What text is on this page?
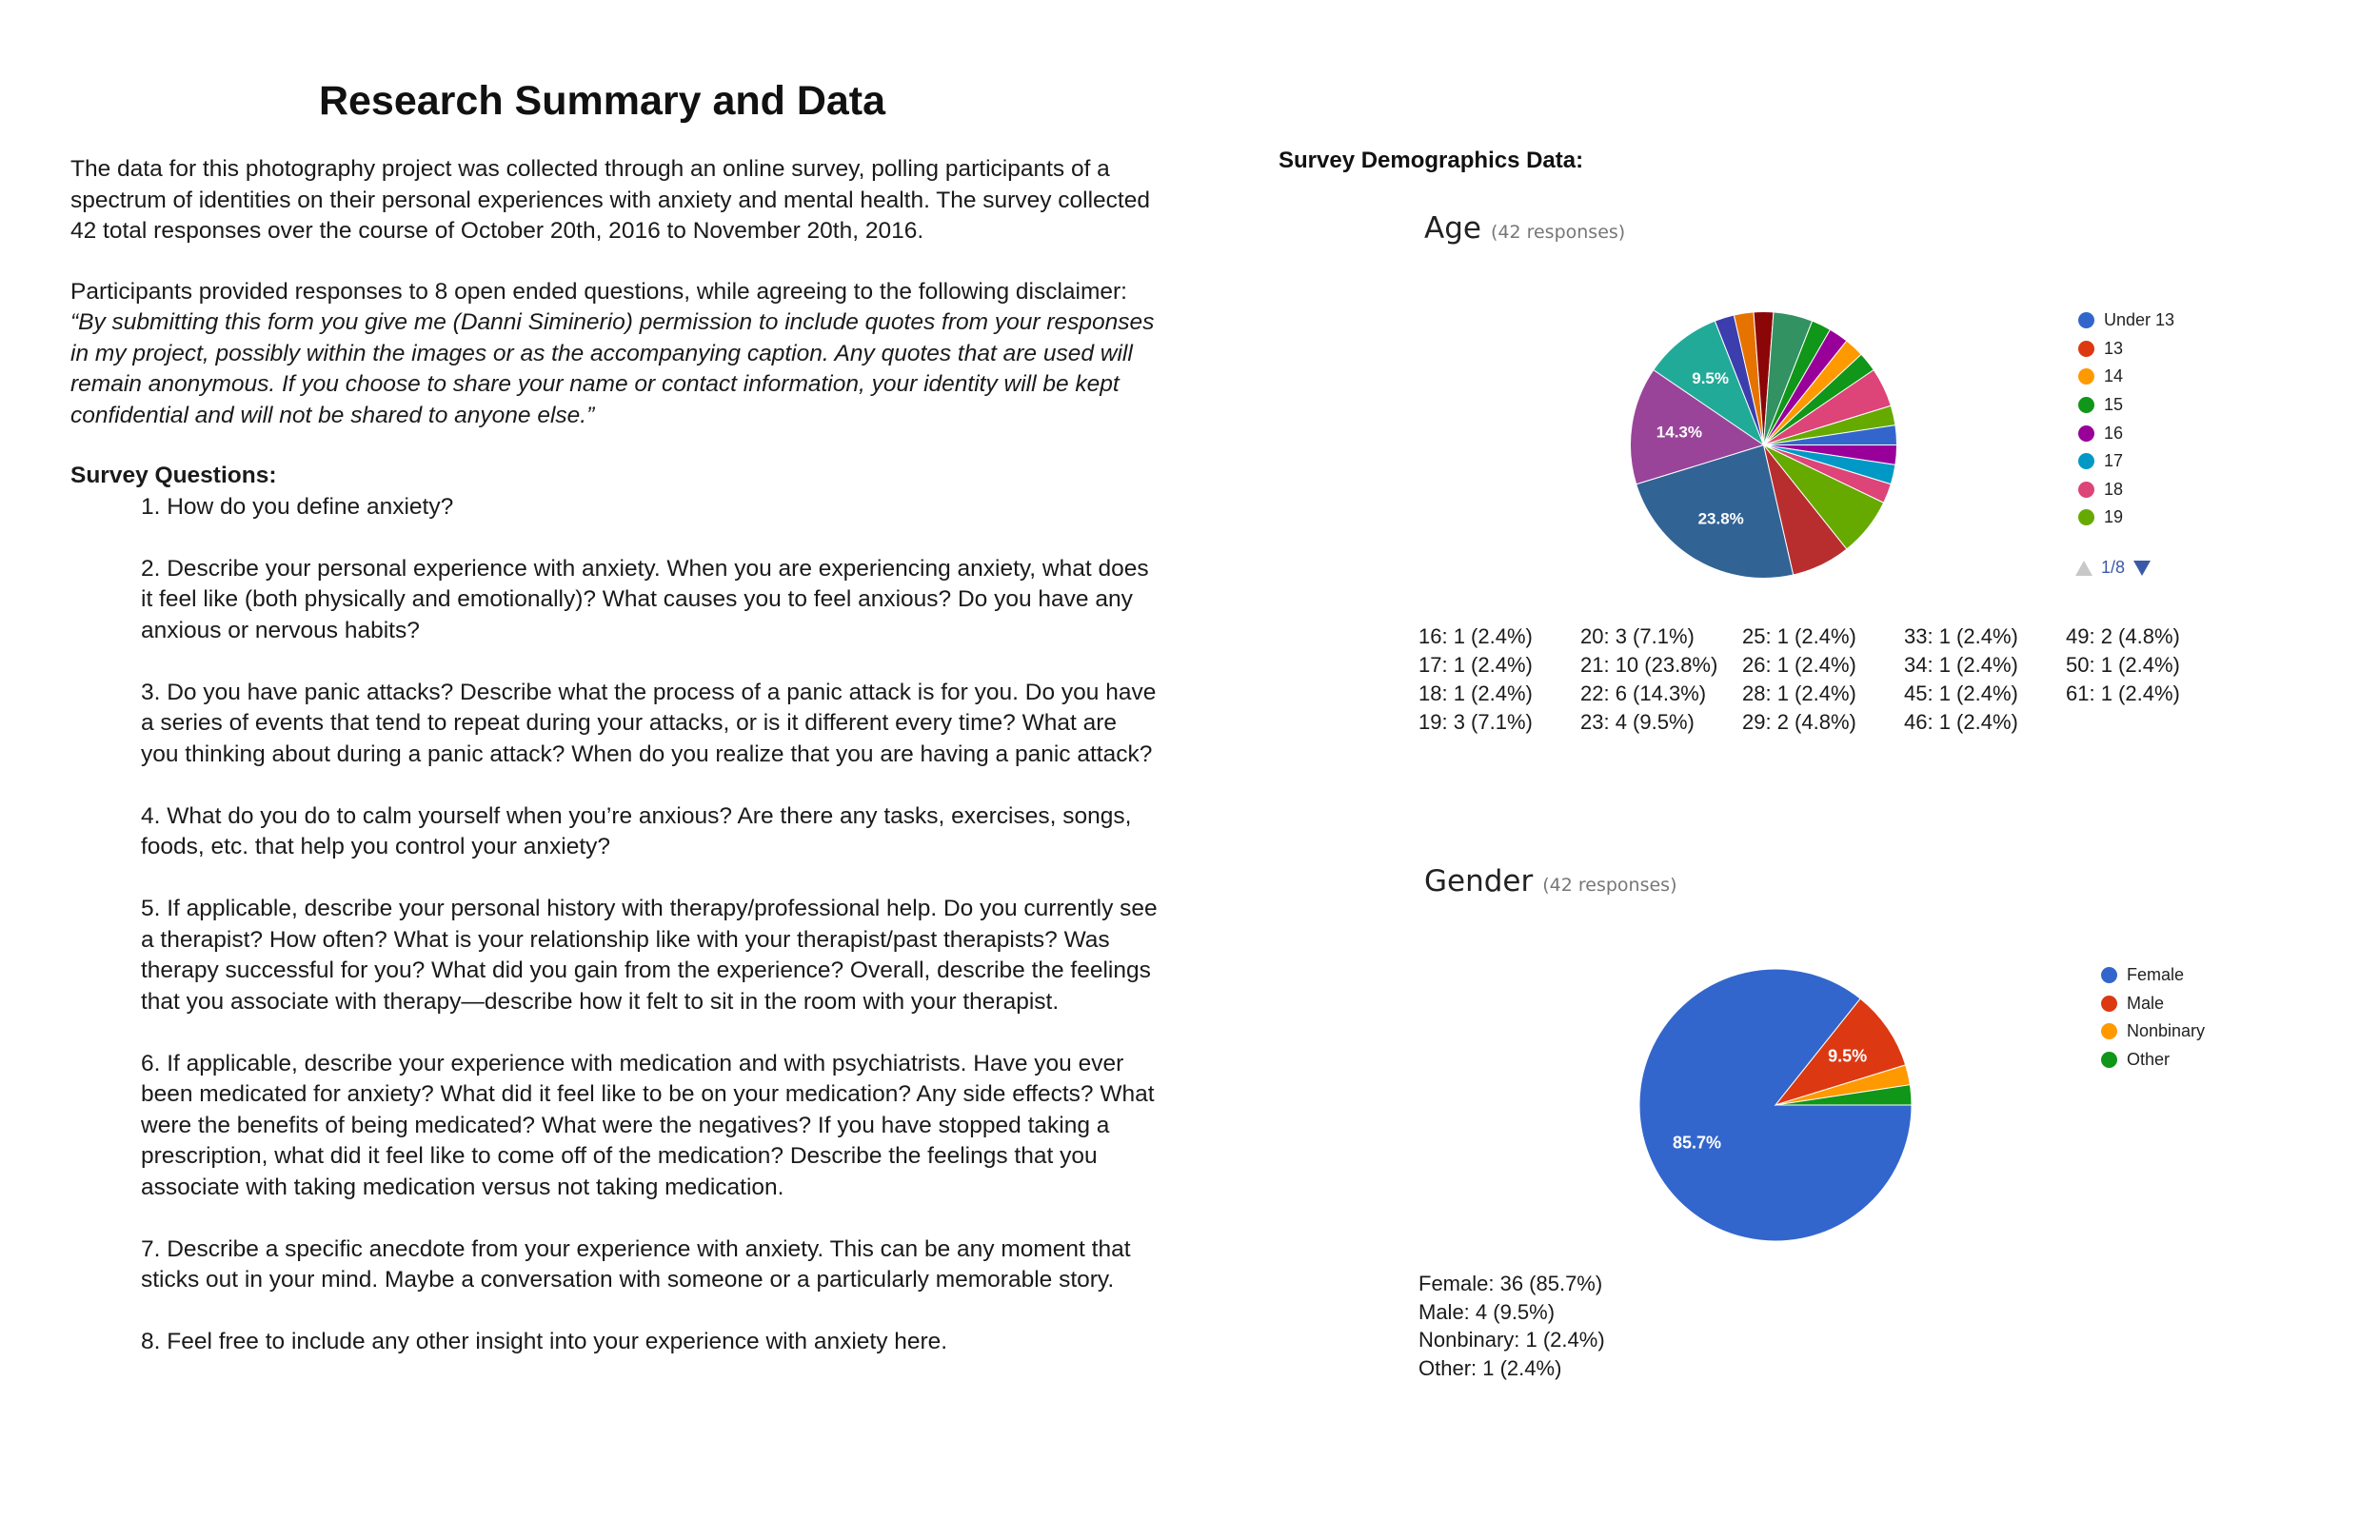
Research Summary and Data

The data for this photography project was collected through an online survey, polling participants of a spectrum of identities on their personal experiences with anxiety and mental health. The survey collected 42 total responses over the course of October 20th, 2016 to November 20th, 2016.

Participants provided responses to 8 open ended questions, while agreeing to the following disclaimer:

“By submitting this form you give me (Danni Siminerio) permission to include quotes from your responses in my project, possibly within the images or as the accompanying caption. Any quotes that are used will remain anonymous. If you choose to share your name or contact information, your identity will be kept confidential and will not be shared to anyone else.”

Survey Questions:

1. How do you define anxiety?
2. Describe your personal experience with anxiety. When you are experiencing anxiety, what does it feel like (both physically and emotionally)? What causes you to feel anxious? Do you have any anxious or nervous habits?
3. Do you have panic attacks? Describe what the process of a panic attack is for you. Do you have a series of events that tend to repeat during your attacks, or is it different every time? What are you thinking about during a panic attack? When do you realize that you are having a panic attack?
4. What do you do to calm yourself when you’re anxious? Are there any tasks, exercises, songs, foods, etc. that help you control your anxiety?
5. If applicable, describe your personal history with therapy/professional help. Do you currently see a therapist? How often? What is your relationship like with your therapist/past therapists? Was therapy successful for you? What did you gain from the experience? Overall, describe the feelings that you associate with therapy—describe how it felt to sit in the room with your therapist.
6. If applicable, describe your experience with medication and with psychiatrists. Have you ever been medicated for anxiety? What did it feel like to be on your medication? Any side effects? What were the benefits of being medicated? What were the negatives? If you have stopped taking a prescription, what did it feel like to come off of the medication? Describe the feelings that you associate with taking medication versus not taking medication.
7. Describe a specific anecdote from your experience with anxiety. This can be any moment that sticks out in your mind. Maybe a conversation with someone or a particularly memorable story.
8. Feel free to include any other insight into your experience with anxiety here.
Survey Demographics Data:
Age (42 responses)
23.8%
14.3%
9.5%
Under 13
13
14
15
16
17
18
19
1/8
16: 1 (2.4%)
17: 1 (2.4%)
18: 1 (2.4%)
19: 3 (7.1%)
20: 3 (7.1%)
21: 10 (23.8%)
22: 6 (14.3%)
23: 4 (9.5%)
25: 1 (2.4%)
26: 1 (2.4%)
28: 1 (2.4%)
29: 2 (4.8%)
33: 1 (2.4%)
34: 1 (2.4%)
45: 1 (2.4%)
46: 1 (2.4%)
49: 2 (4.8%)
50: 1 (2.4%)
61: 1 (2.4%)
Gender (42 responses)
85.7%
9.5%
Female
Male
Nonbinary
Other
Female: 36 (85.7%)
Male: 4 (9.5%)
Nonbinary: 1 (2.4%)
Other: 1 (2.4%)
